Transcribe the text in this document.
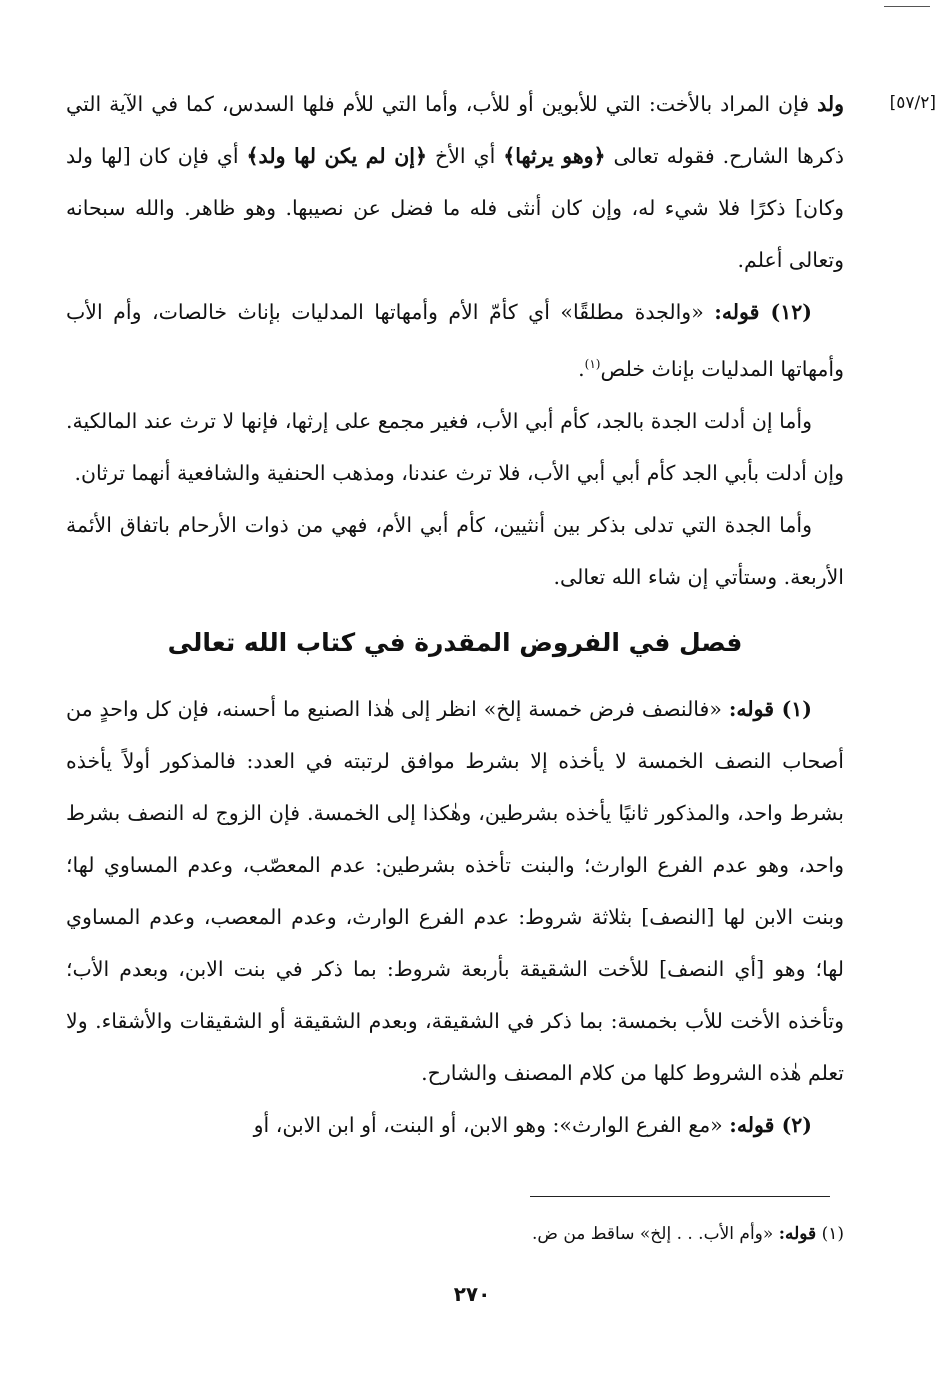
[٥٧/٢]

ولد فإن المراد بالأخت: التي للأبوين أو للأب، وأما التي للأم فلها السدس، كما في الآية التي ذكرها الشارح. فقوله تعالى ﴿وهو يرثها﴾ أي الأخ ﴿إن لم يكن لها ولد﴾ أي فإن كان [لها ولد وكان] ذكرًا فلا شيء له، وإن كان أنثى فله ما فضل عن نصيبها. وهو ظاهر. والله سبحانه وتعالى أعلم.

(١٢) قوله: «والجدة مطلقًا» أي كأمّ الأم وأمهاتها المدليات بإناث خالصات، وأم الأب وأمهاتها المدليات بإناث خلص$^{(١)}$.

وأما إن أدلت الجدة بالجد، كأم أبي الأب، فغير مجمع على إرثها، فإنها لا ترث عند المالكية. وإن أدلت بأبي الجد كأم أبي أبي الأب، فلا ترث عندنا، ومذهب الحنفية والشافعية أنهما ترثان.

وأما الجدة التي تدلى بذكر بين أنثيين، كأم أبي الأم، فهي من ذوات الأرحام باتفاق الأئمة الأربعة. وستأتي إن شاء الله تعالى.

فصل في الفروض المقدرة في كتاب الله تعالى

(١) قوله: «فالنصف فرض خمسة إلخ» انظر إلى هٰذا الصنيع ما أحسنه، فإن كل واحدٍ من أصحاب النصف الخمسة لا يأخذه إلا بشرط موافق لرتبته في العدد: فالمذكور أولاً يأخذه بشرط واحد، والمذكور ثانيًا يأخذه بشرطين، وهٰكذا إلى الخمسة. فإن الزوج له النصف بشرط واحد، وهو عدم الفرع الوارث؛ والبنت تأخذه بشرطين: عدم المعصّب، وعدم المساوي لها؛ وبنت الابن لها [النصف] بثلاثة شروط: عدم الفرع الوارث، وعدم المعصب، وعدم المساوي لها؛ وهو [أي النصف] للأخت الشقيقة بأربعة شروط: بما ذكر في بنت الابن، وبعدم الأب؛ وتأخذه الأخت للأب بخمسة: بما ذكر في الشقيقة، وبعدم الشقيقة أو الشقيقات والأشقاء. ولا تعلم هٰذه الشروط كلها من كلام المصنف والشارح.

(٢) قوله: «مع الفرع الوارث»: وهو الابن، أو البنت، أو ابن الابن، أو

(١) قوله: «وأم الأب. . . إلخ» ساقط من ض.
٢٧٠
